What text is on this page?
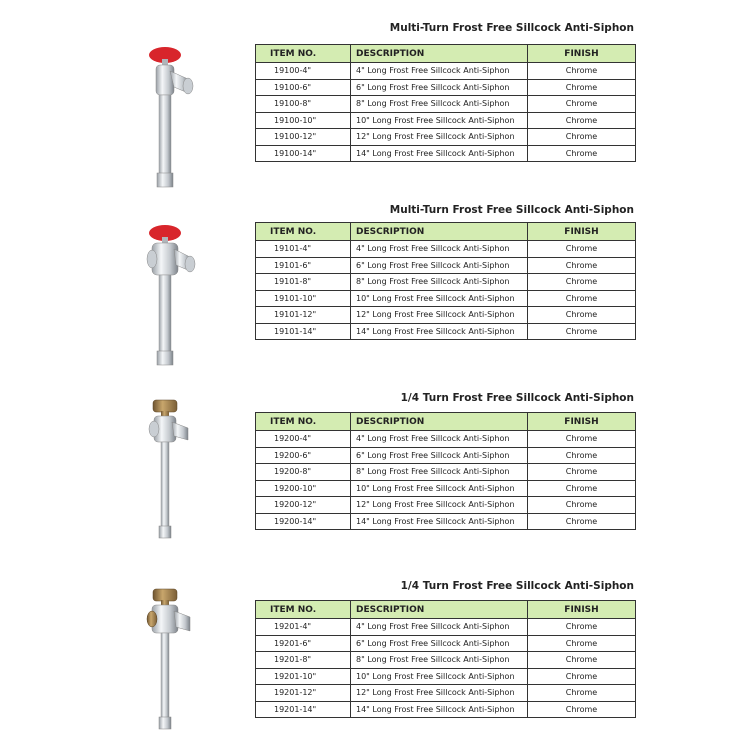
Multi-Turn Frost Free Sillcock Anti-Siphon
ITEM NO.	DESCRIPTION	FINISH
19100-4"	4" Long Frost Free Sillcock Anti-Siphon	Chrome
19100-6"	6" Long Frost Free Sillcock Anti-Siphon	Chrome
19100-8"	8" Long Frost Free Sillcock Anti-Siphon	Chrome
19100-10"	10" Long Frost Free Sillcock Anti-Siphon	Chrome
19100-12"	12" Long Frost Free Sillcock Anti-Siphon	Chrome
19100-14"	14" Long Frost Free Sillcock Anti-Siphon	Chrome
Multi-Turn Frost Free Sillcock Anti-Siphon
ITEM NO.	DESCRIPTION	FINISH
19101-4"	4" Long Frost Free Sillcock Anti-Siphon	Chrome
19101-6"	6" Long Frost Free Sillcock Anti-Siphon	Chrome
19101-8"	8" Long Frost Free Sillcock Anti-Siphon	Chrome
19101-10"	10" Long Frost Free Sillcock Anti-Siphon	Chrome
19101-12"	12" Long Frost Free Sillcock Anti-Siphon	Chrome
19101-14"	14" Long Frost Free Sillcock Anti-Siphon	Chrome
1/4 Turn Frost Free Sillcock Anti-Siphon
ITEM NO.	DESCRIPTION	FINISH
19200-4"	4" Long Frost Free Sillcock Anti-Siphon	Chrome
19200-6"	6" Long Frost Free Sillcock Anti-Siphon	Chrome
19200-8"	8" Long Frost Free Sillcock Anti-Siphon	Chrome
19200-10"	10" Long Frost Free Sillcock Anti-Siphon	Chrome
19200-12"	12" Long Frost Free Sillcock Anti-Siphon	Chrome
19200-14"	14" Long Frost Free Sillcock Anti-Siphon	Chrome
1/4 Turn Frost Free Sillcock Anti-Siphon
ITEM NO.	DESCRIPTION	FINISH
19201-4"	4" Long Frost Free Sillcock Anti-Siphon	Chrome
19201-6"	6" Long Frost Free Sillcock Anti-Siphon	Chrome
19201-8"	8" Long Frost Free Sillcock Anti-Siphon	Chrome
19201-10"	10" Long Frost Free Sillcock Anti-Siphon	Chrome
19201-12"	12" Long Frost Free Sillcock Anti-Siphon	Chrome
19201-14"	14" Long Frost Free Sillcock Anti-Siphon	Chrome
